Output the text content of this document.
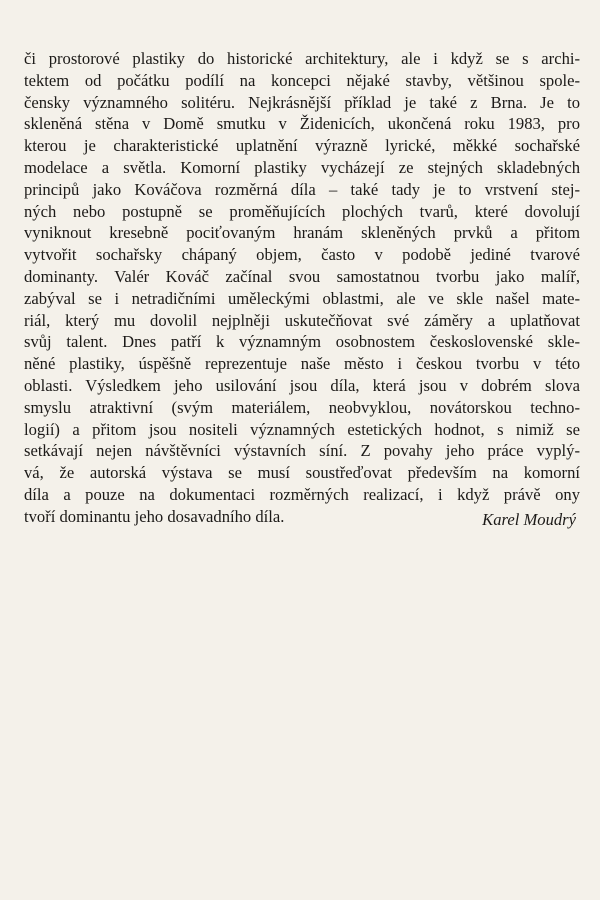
či prostorové plastiky do historické architektury, ale i když se s archi-
tektem od počátku podílí na koncepci nějaké stavby, většinou spole-
čensky významného solitéru. Nejkrásnější příklad je také z Brna. Je to
skleněná stěna v Domě smutku v Židenicích, ukončená roku 1983, pro
kterou je charakteristické uplatnění výrazně lyrické, měkké sochařské
modelace a světla. Komorní plastiky vycházejí ze stejných skladebných
principů jako Kováčova rozměrná díla – také tady je to vrstvení stej-
ných nebo postupně se proměňujících plochých tvarů, které dovolují
vyniknout kresebně pociťovaným hranám skleněných prvků a přitom
vytvořit sochařsky chápaný objem, často v podobě jediné tvarové
dominanty. Valér Kováč začínal svou samostatnou tvorbu jako malíř,
zabýval se i netradičními uměleckými oblastmi, ale ve skle našel mate-
riál, který mu dovolil nejplněji uskutečňovat své záměry a uplatňovat
svůj talent. Dnes patří k významným osobnostem československé skle-
něné plastiky, úspěšně reprezentuje naše město i českou tvorbu v této
oblasti. Výsledkem jeho usilování jsou díla, která jsou v dobrém slova
smyslu atraktivní (svým materiálem, neobvyklou, novátorskou techno-
logií) a přitom jsou nositeli významných estetických hodnot, s nimiž se
setkávají nejen návštěvníci výstavních síní. Z povahy jeho práce vyplý-
vá, že autorská výstava se musí soustřeďovat především na komorní
díla a pouze na dokumentaci rozměrných realizací, i když právě ony
tvoří dominantu jeho dosavadního díla.	Karel Moudrý
